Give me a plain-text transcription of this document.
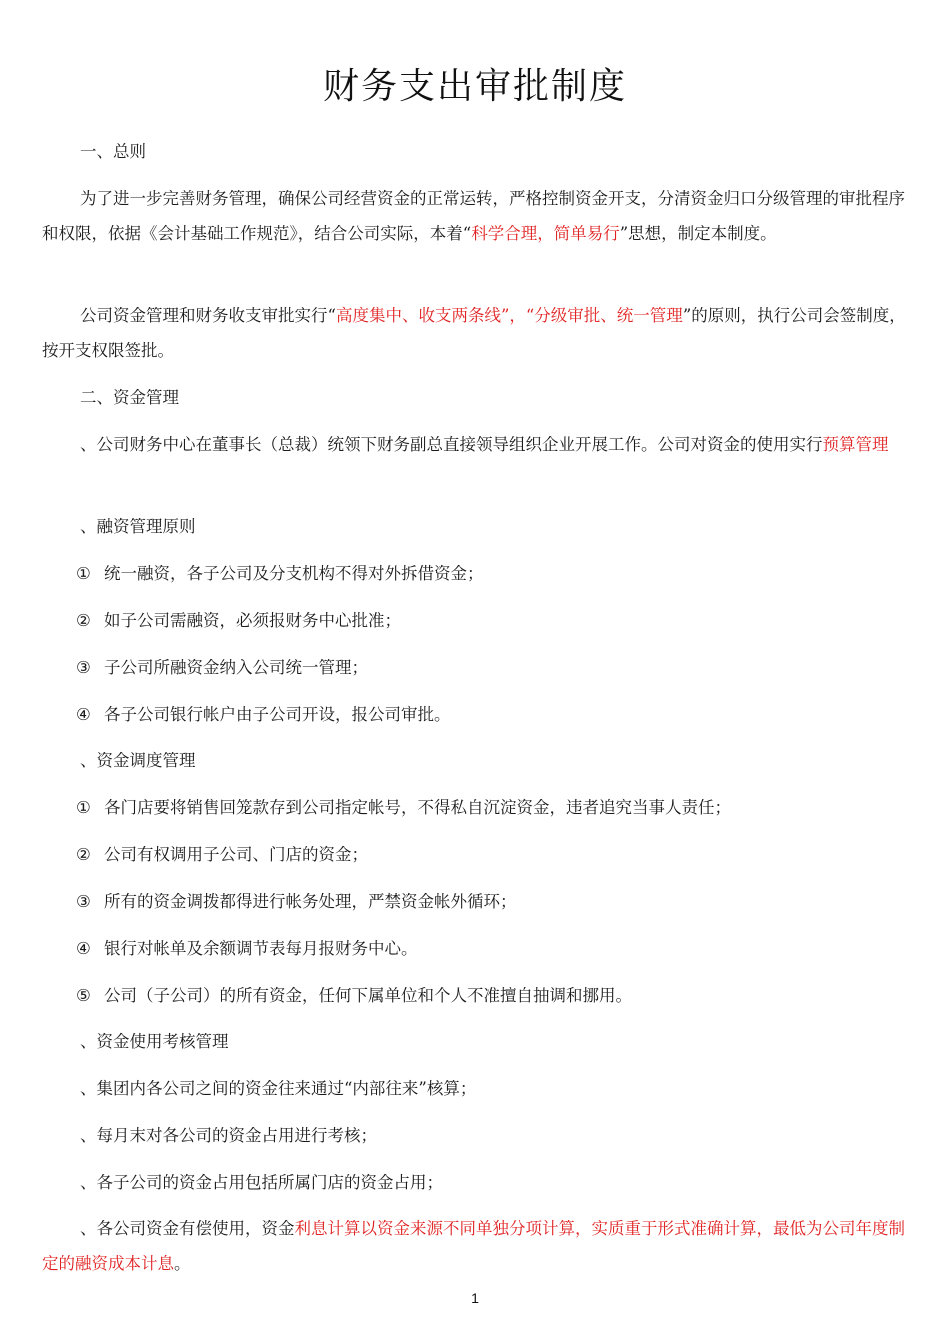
财务支出审批制度
一、总则
为了进一步完善财务管理，确保公司经营资金的正常运转，严格控制资金开支，分清资金归口分级管理的审批程序和权限，依据《会计基础工作规范》，结合公司实际，本着“科学合理，简单易行”思想，制定本制度。
公司资金管理和财务收支审批实行“高度集中、收支两条线”，“分级审批、统一管理”的原则，执行公司会签制度，按开支权限签批。
二、资金管理
、公司财务中心在董事长（总裁）统领下财务副总直接领导组织企业开展工作。公司对资金的使用实行预算管理
、融资管理原则
① 统一融资，各子公司及分支机构不得对外拆借资金；
② 如子公司需融资，必须报财务中心批准；
③ 子公司所融资金纳入公司统一管理；
④ 各子公司银行帐户由子公司开设，报公司审批。
、资金调度管理
① 各门店要将销售回笼款存到公司指定帐号，不得私自沉淀资金，违者追究当事人责任；
② 公司有权调用子公司、门店的资金；
③ 所有的资金调拨都得进行帐务处理，严禁资金帐外循环；
④ 银行对帐单及余额调节表每月报财务中心。
⑤ 公司（子公司）的所有资金，任何下属单位和个人不准擅自抽调和挪用。
、资金使用考核管理
、集团内各公司之间的资金往来通过“内部往来”核算；
、每月末对各公司的资金占用进行考核；
、各子公司的资金占用包括所属门店的资金占用；
、各公司资金有偿使用，资金利息计算以资金来源不同单独分项计算，实质重于形式准确计算，最低为公司年度制定的融资成本计息。
1
